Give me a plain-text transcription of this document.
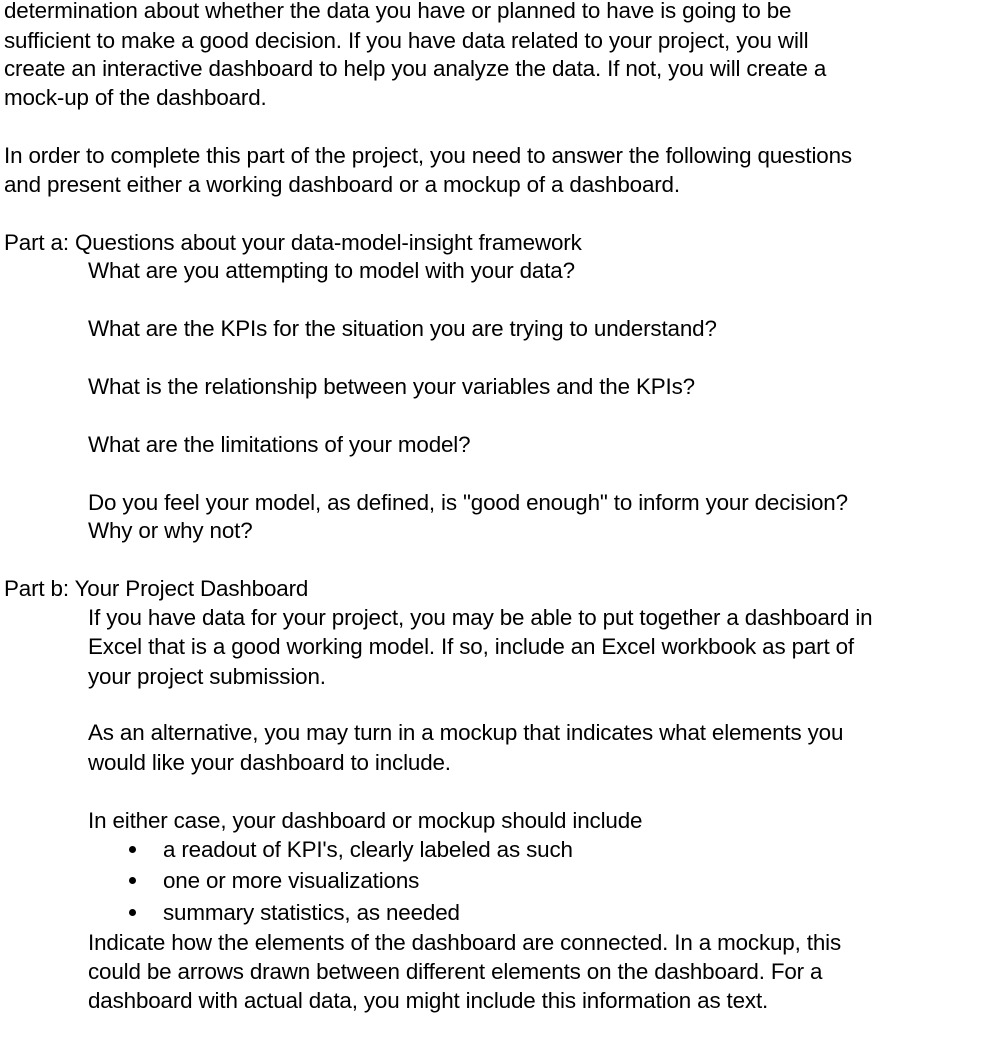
determination about whether the data you have or planned to have is going to be
sufficient to make a good decision. If you have data related to your project, you will
create an interactive dashboard to help you analyze the data. If not, you will create a
mock-up of the dashboard.
In order to complete this part of the project, you need to answer the following questions
and present either a working dashboard or a mockup of a dashboard.
Part a: Questions about your data-model-insight framework
What are you attempting to model with your data?
What are the KPIs for the situation you are trying to understand?
What is the relationship between your variables and the KPIs?
What are the limitations of your model?
Do you feel your model, as defined, is "good enough" to inform your decision?
Why or why not?
Part b: Your Project Dashboard
If you have data for your project, you may be able to put together a dashboard in
Excel that is a good working model. If so, include an Excel workbook as part of
your project submission.
As an alternative, you may turn in a mockup that indicates what elements you
would like your dashboard to include.
In either case, your dashboard or mockup should include
a readout of KPI's, clearly labeled as such
one or more visualizations
summary statistics, as needed
Indicate how the elements of the dashboard are connected. In a mockup, this
could be arrows drawn between different elements on the dashboard. For a
dashboard with actual data, you might include this information as text.
